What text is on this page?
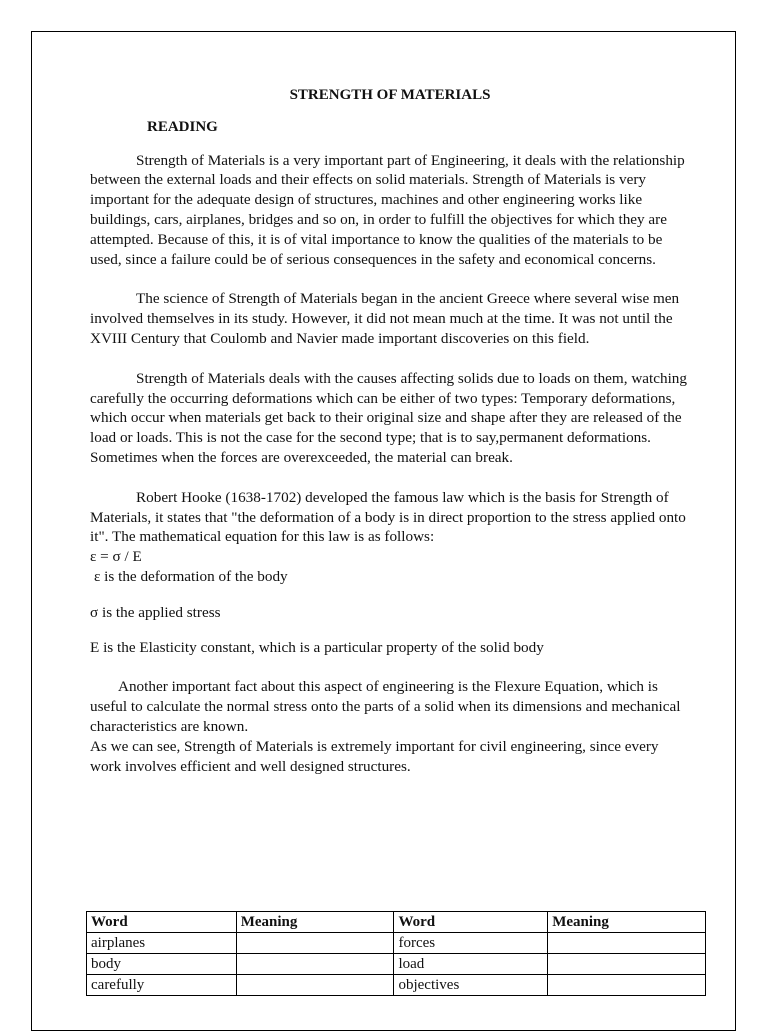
STRENGTH OF MATERIALS

READING

Strength of Materials is a very important part of Engineering, it deals with the relationship between the external loads and their effects on solid materials. Strength of Materials is very important for the adequate design of structures, machines and other engineering works like buildings, cars, airplanes, bridges and so on, in order to fulfill the objectives for which they are attempted. Because of this, it is of vital importance to know the qualities of the materials to be used, since a failure could be of serious consequences in the safety and economical concerns.

The science of Strength of Materials began in the ancient Greece where several wise men involved themselves in its study. However, it did not mean much at the time. It was not until the XVIII Century that Coulomb and Navier made important discoveries on this field.

Strength of Materials deals with the causes affecting solids due to loads on them, watching carefully the occurring deformations which can be either of two types: Temporary deformations, which occur when materials get back to their original size and shape after they are released of the load or loads. This is not the case for the second type; that is to say,permanent deformations. Sometimes when the forces are overexceeded, the material can break.

Robert Hooke (1638-1702) developed the famous law which is the basis for Strength of Materials, it states that "the deformation of a body is in direct proportion to the stress applied onto it". The mathematical equation for this law is as follows:

ε = σ / E

ε is the deformation of the body

σ is the applied stress

E is the Elasticity constant, which is a particular property of the solid body

Another important fact about this aspect of engineering is the Flexure Equation, which is useful to calculate the normal stress onto the parts of a solid when its dimensions and mechanical characteristics are known.

As we can see, Strength of Materials is extremely important for civil engineering, since every work involves efficient and well designed structures.

Word	Meaning	Word	Meaning
airplanes		forces	
body		load	
carefully		objectives	
